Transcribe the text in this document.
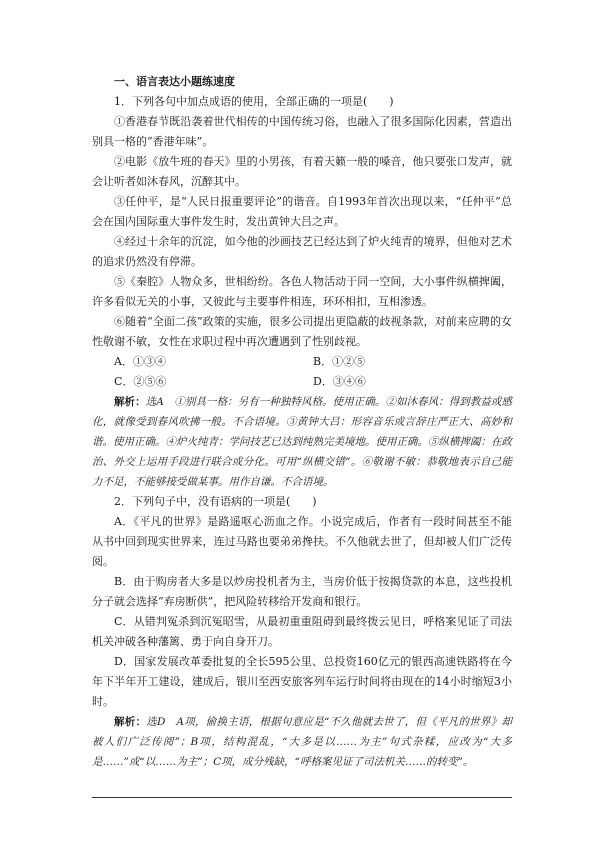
一、语言表达小题练速度

1．下列各句中加点成语的使用，全部正确的一项是(　　)

①香港春节既沿袭着世代相传的中国传统习俗，也融入了很多国际化因素，营造出别具一格的“香港年味”。

②电影《放牛班的春天》里的小男孩，有着天籁一般的嗓音，他只要张口发声，就会让听者如沐春风，沉醉其中。

③任仲平，是“人民日报重要评论”的谐音。自1993年首次出现以来，“任仲平”总会在国内国际重大事件发生时，发出黄钟大吕之声。

④经过十余年的沉淀，如今他的沙画技艺已经达到了炉火纯青的境界，但他对艺术的追求仍然没有停滞。

⑤《秦腔》人物众多，世相纷纷。各色人物活动于同一空间，大小事件纵横捭阖，许多看似无关的小事，又彼此与主要事件相连，环环相扣，互相渗透。

⑥随着“全面二孩”政策的实施，很多公司提出更隐蔽的歧视条款，对前来应聘的女性敬谢不敏，女性在求职过程中再次遭遇到了性别歧视。

A．①③④	B．①②⑤
C．②⑤⑥	D．③④⑥

解析：选A　①别具一格：另有一种独特风格。使用正确。②如沐春风：得到教益或感化，就像受到春风吹拂一般。不合语境。③黄钟大吕：形容音乐或言辞庄严正大、高妙和谐。使用正确。④炉火纯青：学问技艺已达到纯熟完美境地。使用正确。⑤纵横捭阖：在政治、外交上运用手段进行联合或分化。可用“纵横交错”。⑥敬谢不敏：恭敬地表示自己能力不足，不能够接受做某事。用作自谦。不合语境。

2．下列句子中，没有语病的一项是(　　)

A．《平凡的世界》是路遥呕心沥血之作。小说完成后，作者有一段时间甚至不能从书中回到现实世界来，连过马路也要弟弟搀扶。不久他就去世了，但却被人们广泛传阅。

B．由于购房者大多是以炒房投机者为主，当房价低于按揭贷款的本息，这些投机分子就会选择“弃房断供”，把风险转移给开发商和银行。

C．从错判冤杀到沉冤昭雪，从最初重重阻碍到最终拨云见日，呼格案见证了司法机关冲破各种藩篱、勇于向自身开刀。

D．国家发展改革委批复的全长595公里、总投资160亿元的银西高速铁路将在今年下半年开工建设，建成后，银川至西安旅客列车运行时间将由现在的14小时缩短3小时。

解析：选D　A项，偷换主语，根据句意应是“不久他就去世了，但《平凡的世界》却被人们广泛传阅”；B项，结构混乱，“大多是以……为主”句式杂糅，应改为“大多是……”或“以……为主”；C项，成分残缺，“呼格案见证了司法机关……的转变”。
